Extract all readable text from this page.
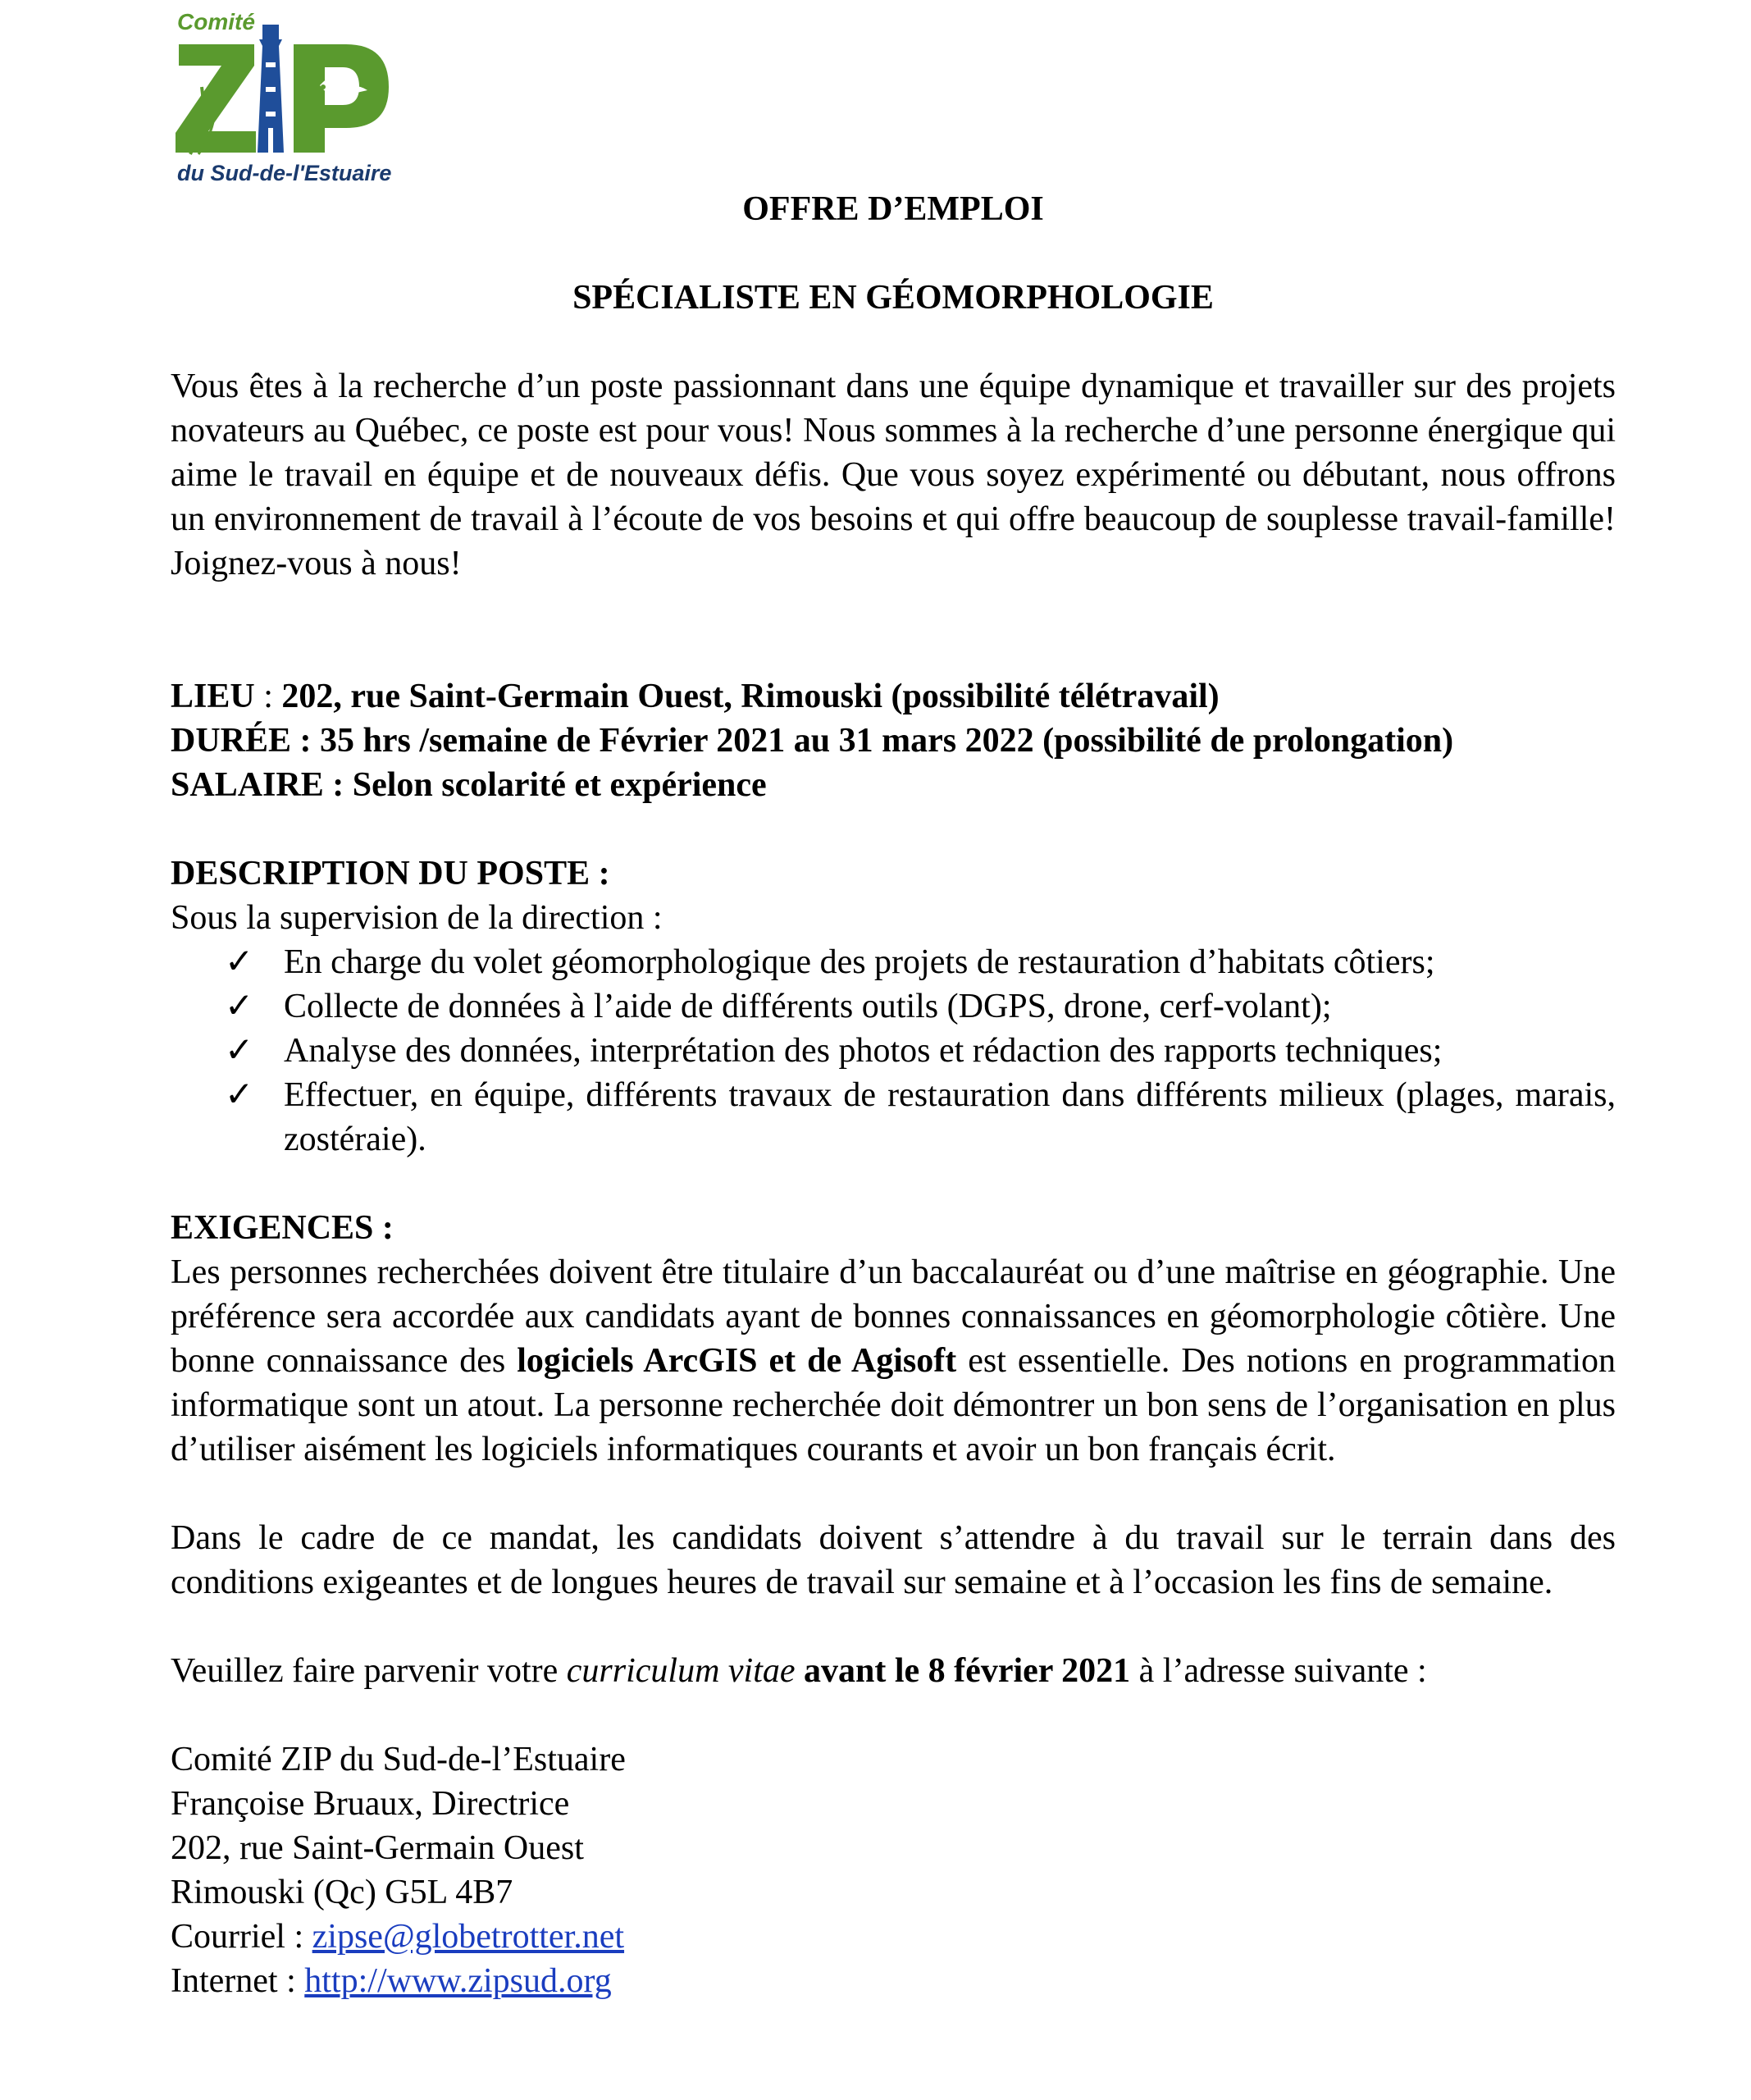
Comité
du Sud-de-l'Estuaire

OFFRE D’EMPLOI

SPÉCIALISTE EN GÉOMORPHOLOGIE

Vous êtes à la recherche d’un poste passionnant dans une équipe dynamique et travailler sur des projets novateurs au Québec, ce poste est pour vous! Nous sommes à la recherche d’une personne énergique qui aime le travail en équipe et de nouveaux défis. Que vous soyez expérimenté ou débutant, nous offrons un environnement de travail à l’écoute de vos besoins et qui offre beaucoup de souplesse travail-famille! Joignez-vous à nous!

LIEU : 202, rue Saint-Germain Ouest, Rimouski (possibilité télétravail)

DURÉE : 35 hrs /semaine de Février 2021 au 31 mars 2022 (possibilité de prolongation)

SALAIRE : Selon scolarité et expérience

DESCRIPTION DU POSTE :

Sous la supervision de la direction :

✓ En charge du volet géomorphologique des projets de restauration d’habitats côtiers;
✓ Collecte de données à l’aide de différents outils (DGPS, drone, cerf-volant);
✓ Analyse des données, interprétation des photos et rédaction des rapports techniques;
✓ Effectuer, en équipe, différents travaux de restauration dans différents milieux (plages, marais, zostéraie).

EXIGENCES :

Les personnes recherchées doivent être titulaire d’un baccalauréat ou d’une maîtrise en géographie. Une préférence sera accordée aux candidats ayant de bonnes connaissances en géomorphologie côtière. Une bonne connaissance des logiciels ArcGIS et de Agisoft est essentielle. Des notions en programmation informatique sont un atout. La personne recherchée doit démontrer un bon sens de l’organisation en plus d’utiliser aisément les logiciels informatiques courants et avoir un bon français écrit.

Dans le cadre de ce mandat, les candidats doivent s’attendre à du travail sur le terrain dans des conditions exigeantes et de longues heures de travail sur semaine et à l’occasion les fins de semaine.

Veuillez faire parvenir votre curriculum vitae avant le 8 février 2021 à l’adresse suivante :

Comité ZIP du Sud-de-l’Estuaire

Françoise Bruaux, Directrice

202, rue Saint-Germain Ouest

Rimouski (Qc) G5L 4B7

Courriel : zipse@globetrotter.net

Internet : http://www.zipsud.org
